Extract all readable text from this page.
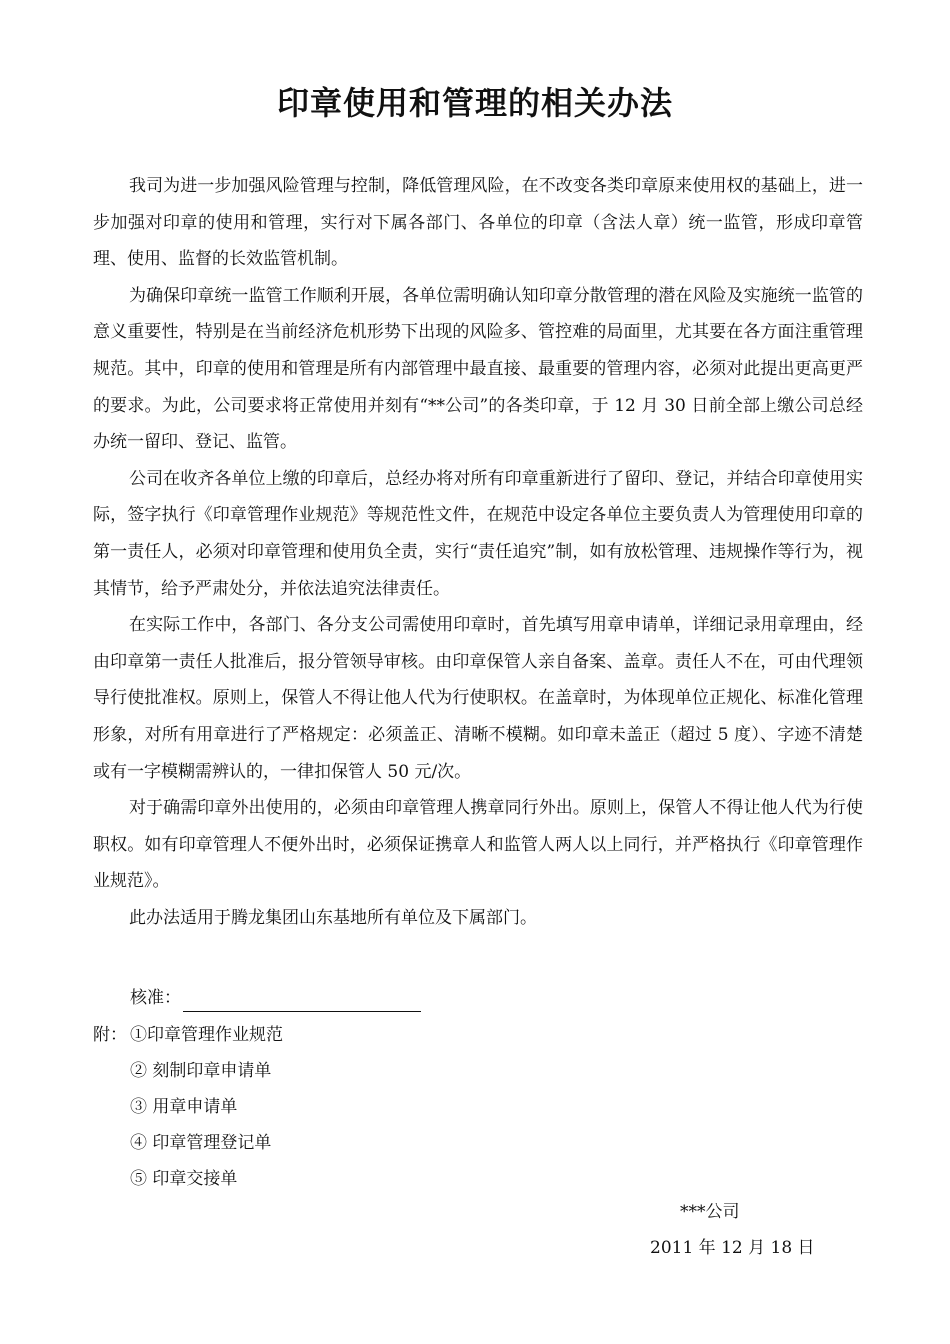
印章使用和管理的相关办法

我司为进一步加强风险管理与控制，降低管理风险，在不改变各类印章原来使用权的基础上，进一步加强对印章的使用和管理，实行对下属各部门、各单位的印章（含法人章）统一监管，形成印章管理、使用、监督的长效监管机制。

为确保印章统一监管工作顺利开展，各单位需明确认知印章分散管理的潜在风险及实施统一监管的意义重要性，特别是在当前经济危机形势下出现的风险多、管控难的局面里，尤其要在各方面注重管理规范。其中，印章的使用和管理是所有内部管理中最直接、最重要的管理内容，必须对此提出更高更严的要求。为此，公司要求将正常使用并刻有“**公司”的各类印章，于 12 月 30 日前全部上缴公司总经办统一留印、登记、监管。

公司在收齐各单位上缴的印章后，总经办将对所有印章重新进行了留印、登记，并结合印章使用实际，签字执行《印章管理作业规范》等规范性文件，在规范中设定各单位主要负责人为管理使用印章的第一责任人，必须对印章管理和使用负全责，实行“责任追究”制，如有放松管理、违规操作等行为，视其情节，给予严肃处分，并依法追究法律责任。

在实际工作中，各部门、各分支公司需使用印章时，首先填写用章申请单，详细记录用章理由，经由印章第一责任人批准后，报分管领导审核。由印章保管人亲自备案、盖章。责任人不在，可由代理领导行使批准权。原则上，保管人不得让他人代为行使职权。在盖章时，为体现单位正规化、标准化管理形象，对所有用章进行了严格规定：必须盖正、清晰不模糊。如印章未盖正（超过 5 度）、字迹不清楚或有一字模糊需辨认的，一律扣保管人 50 元/次。

对于确需印章外出使用的，必须由印章管理人携章同行外出。原则上，保管人不得让他人代为行使职权。如有印章管理人不便外出时，必须保证携章人和监管人两人以上同行，并严格执行《印章管理作业规范》。

此办法适用于腾龙集团山东基地所有单位及下属部门。

核准：
附： ①印章管理作业规范
② 刻制印章申请单
③ 用章申请单
④ 印章管理登记单
⑤ 印章交接单
***公司
2011 年 12 月 18 日
